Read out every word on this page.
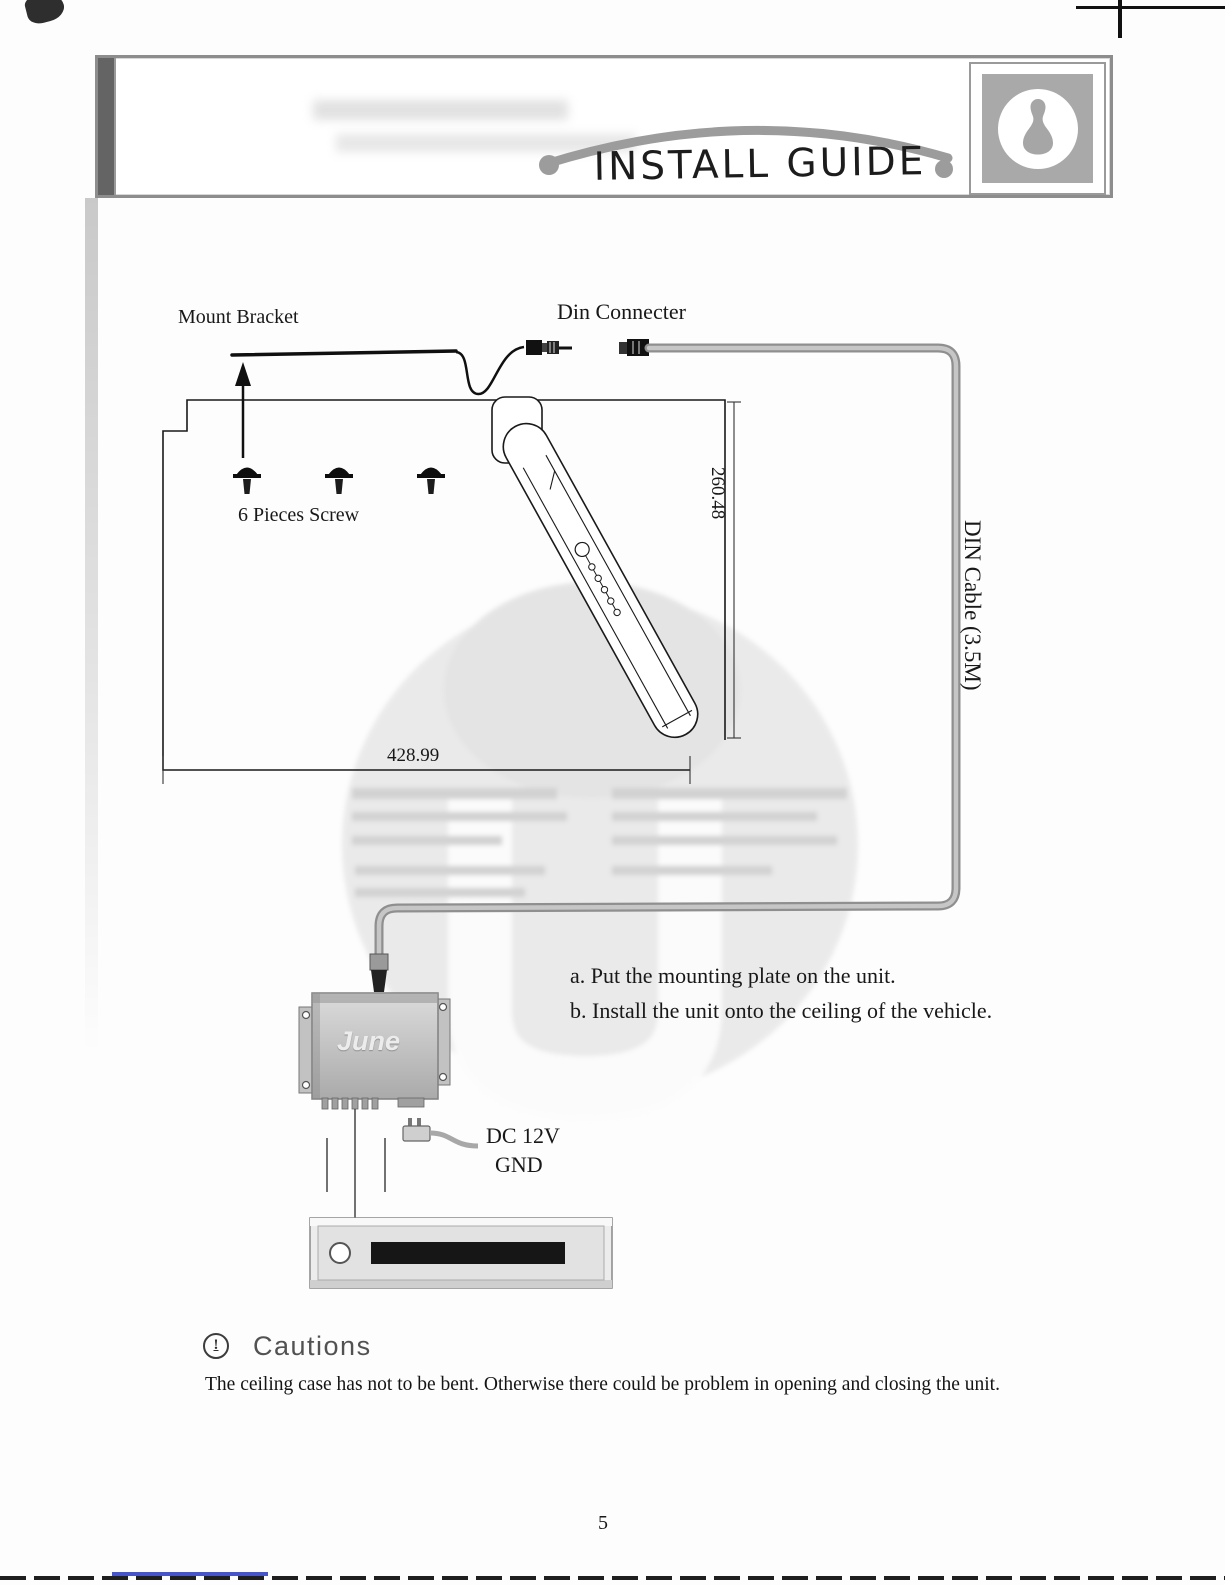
INSTALL GUIDE
Mount Bracket	Din Connecter
6 Pieces Screw
428.99
260.48
DIN Cable (3.5M)
a. Put the mounting plate on the unit.
b. Install the unit onto the ceiling of the vehicle.
DC 12V
GND
June
!	Cautions
The ceiling case has not to be bent. Otherwise there could be problem in opening and closing the unit.
5
